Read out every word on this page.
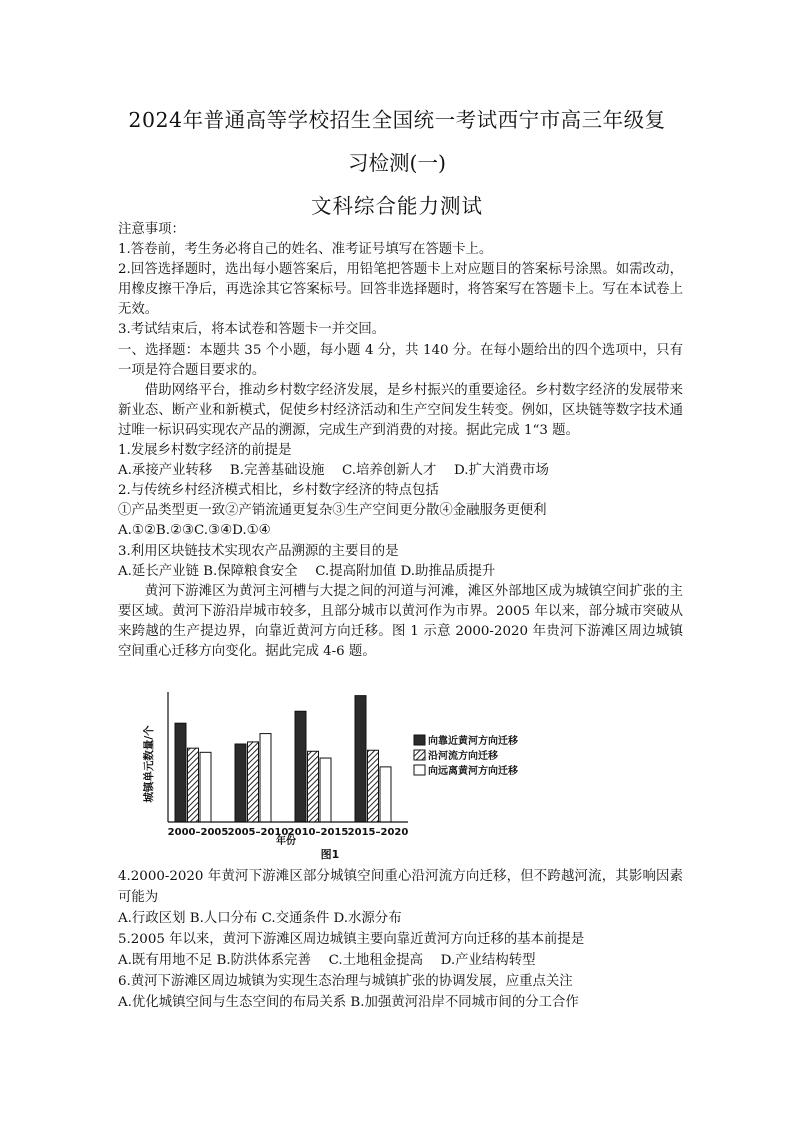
2024年普通高等学校招生全国统一考试西宁市高三年级复
习检测(一)
文科综合能力测试

注意事项：

1.答卷前，考生务必将自己的姓名、准考证号填写在答题卡上。

2.回答选择题时，选出每小题答案后，用铅笔把答题卡上对应题目的答案标号涂黑。如需改动，用橡皮擦干净后，再选涂其它答案标号。回答非选择题时，将答案写在答题卡上。写在本试卷上无效。

3.考试结束后，将本试卷和答题卡一并交回。

一、选择题：本题共 35 个小题，每小题 4 分，共 140 分。在每小题给出的四个选项中，只有一项是符合题目要求的。

借助网络平台，推动乡村数字经济发展，是乡村振兴的重要途径。乡村数字经济的发展带来新业态、断产业和新模式，促使乡村经济活动和生产空间发生转变。例如，区块链等数字技术通过唯一标识码实现农产品的溯源，完成生产到消费的对接。据此完成 1“3 题。

1.发展乡村数字经济的前提是

A.承接产业转移　 B.完善基础设施　 C.培养创新人才　 D.扩大消费市场

2.与传统乡村经济模式相比，乡村数字经济的特点包括

①产品类型更一致②产销流通更复杂③生产空间更分散④金融服务更便利

A.①②B.②③C.③④D.①④

3.利用区块链技术实现农产品溯源的主要目的是

A.延长产业链 B.保障粮食安全　 C.提高附加值 D.助推品质提升

黄河下游滩区为黄河主河槽与大提之间的河道与河滩，滩区外部地区成为城镇空间扩张的主要区域。黄河下游沿岸城市较多，且部分城市以黄河作为市界。2005 年以来，部分城市突破从来跨越的生产提边界，向靠近黄河方向迁移。图 1 示意 2000-2020 年贵河下游滩区周边城镇空间重心迁移方向变化。据此完成 4-6 题。

城镇单元数量/个
2000–2005 2005–2010 2010–2015 2015–2020
年份
向靠近黄河方向迁移
沿河流方向迁移
向远离黄河方向迁移
图1

4.2000-2020 年黄河下游滩区部分城镇空间重心沿河流方向迁移，但不跨越河流，其影响因素可能为

A.行政区划 B.人口分布 C.交通条件 D.水源分布

5.2005 年以来，黄河下游滩区周边城镇主要向靠近黄河方向迁移的基本前提是

A.既有用地不足 B.防洪体系完善　 C.土地租金提高　 D.产业结构转型

6.黄河下游滩区周边城镇为实现生态治理与城镇扩张的协调发展，应重点关注

A.优化城镇空间与生态空间的布局关系 B.加强黄河沿岸不同城市间的分工合作
